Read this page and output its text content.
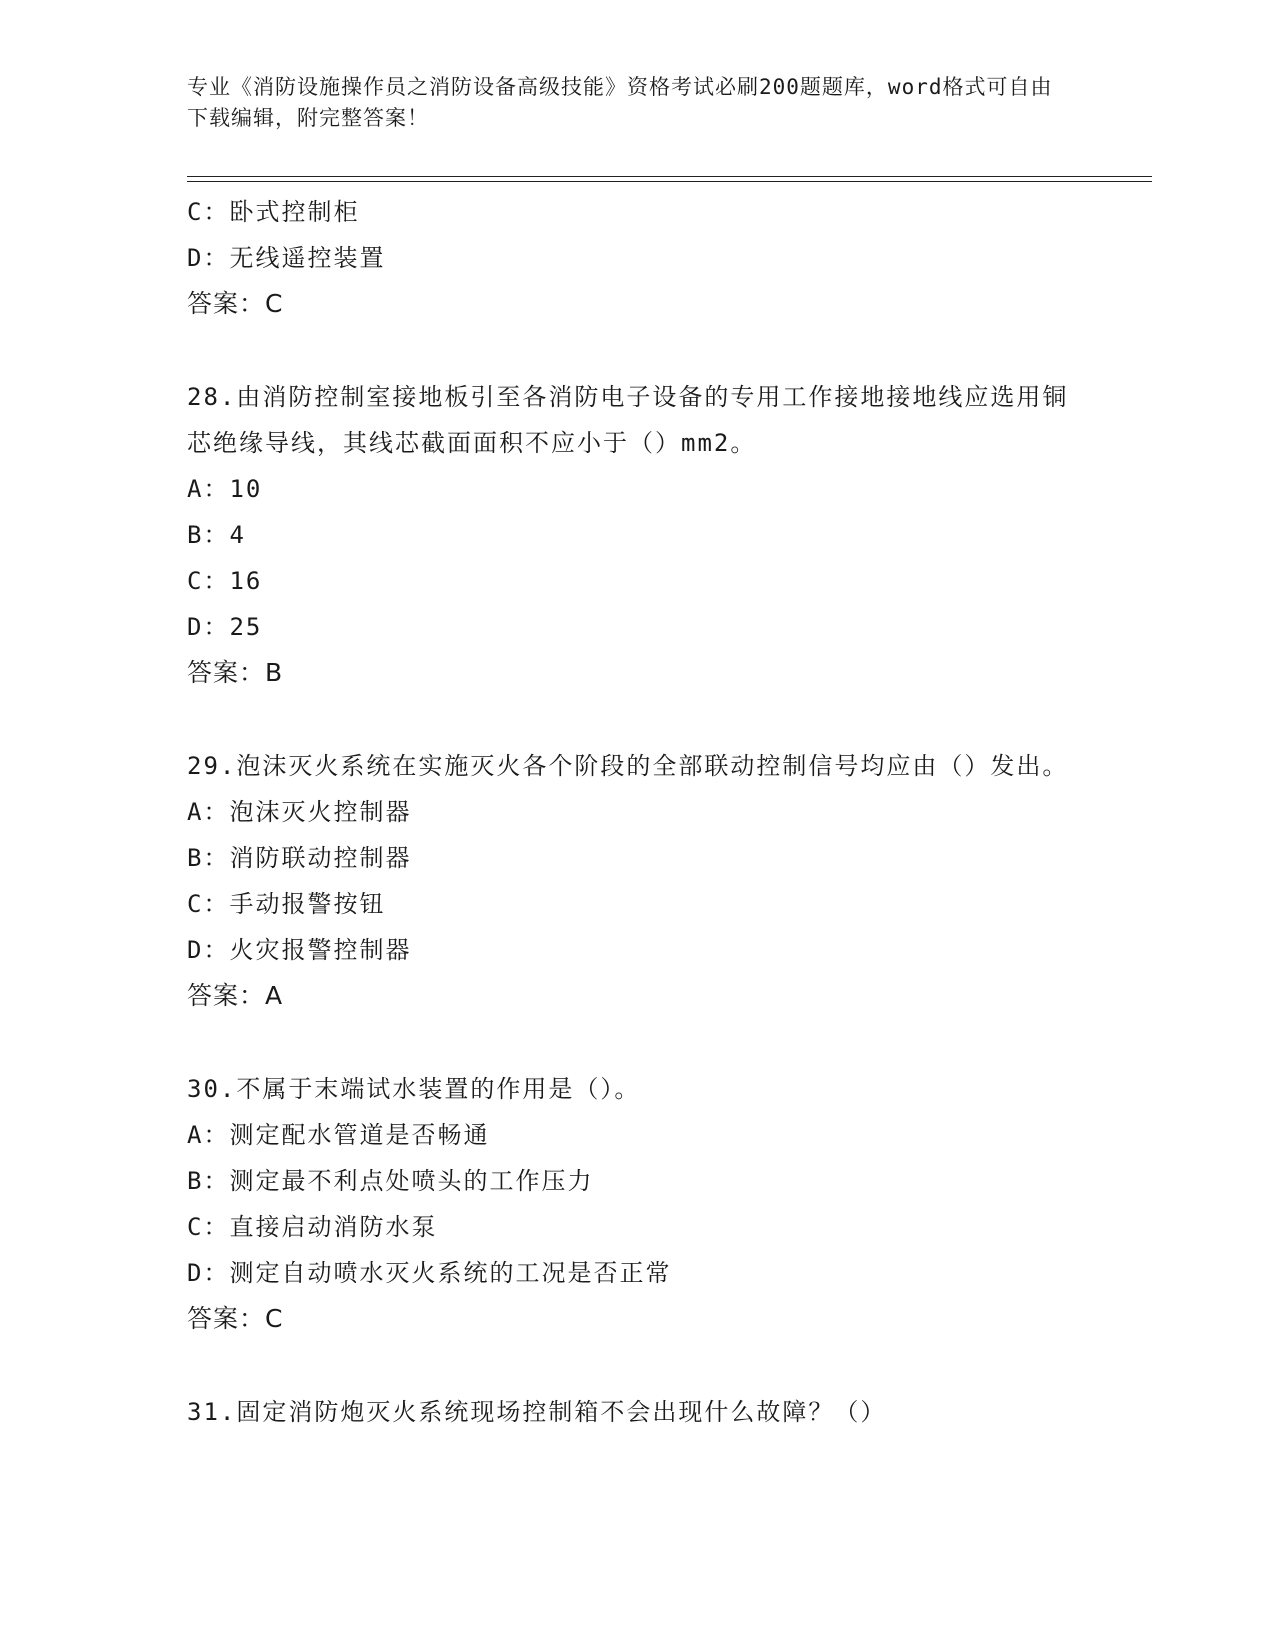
专业《消防设施操作员之消防设备高级技能》资格考试必刷200题题库，word格式可自由下载编辑，附完整答案！
C：卧式控制柜
D：无线遥控装置
答案：C
28.由消防控制室接地板引至各消防电子设备的专用工作接地接地线应选用铜芯绝缘导线，其线芯截面面积不应小于（）mm2。
A：10
B：4
C：16
D：25
答案：B
29.泡沫灭火系统在实施灭火各个阶段的全部联动控制信号均应由（）发出。
A：泡沫灭火控制器
B：消防联动控制器
C：手动报警按钮
D：火灾报警控制器
答案：A
30.不属于末端试水装置的作用是（）。
A：测定配水管道是否畅通
B：测定最不利点处喷头的工作压力
C：直接启动消防水泵
D：测定自动喷水灭火系统的工况是否正常
答案：C
31.固定消防炮灭火系统现场控制箱不会出现什么故障？（）
